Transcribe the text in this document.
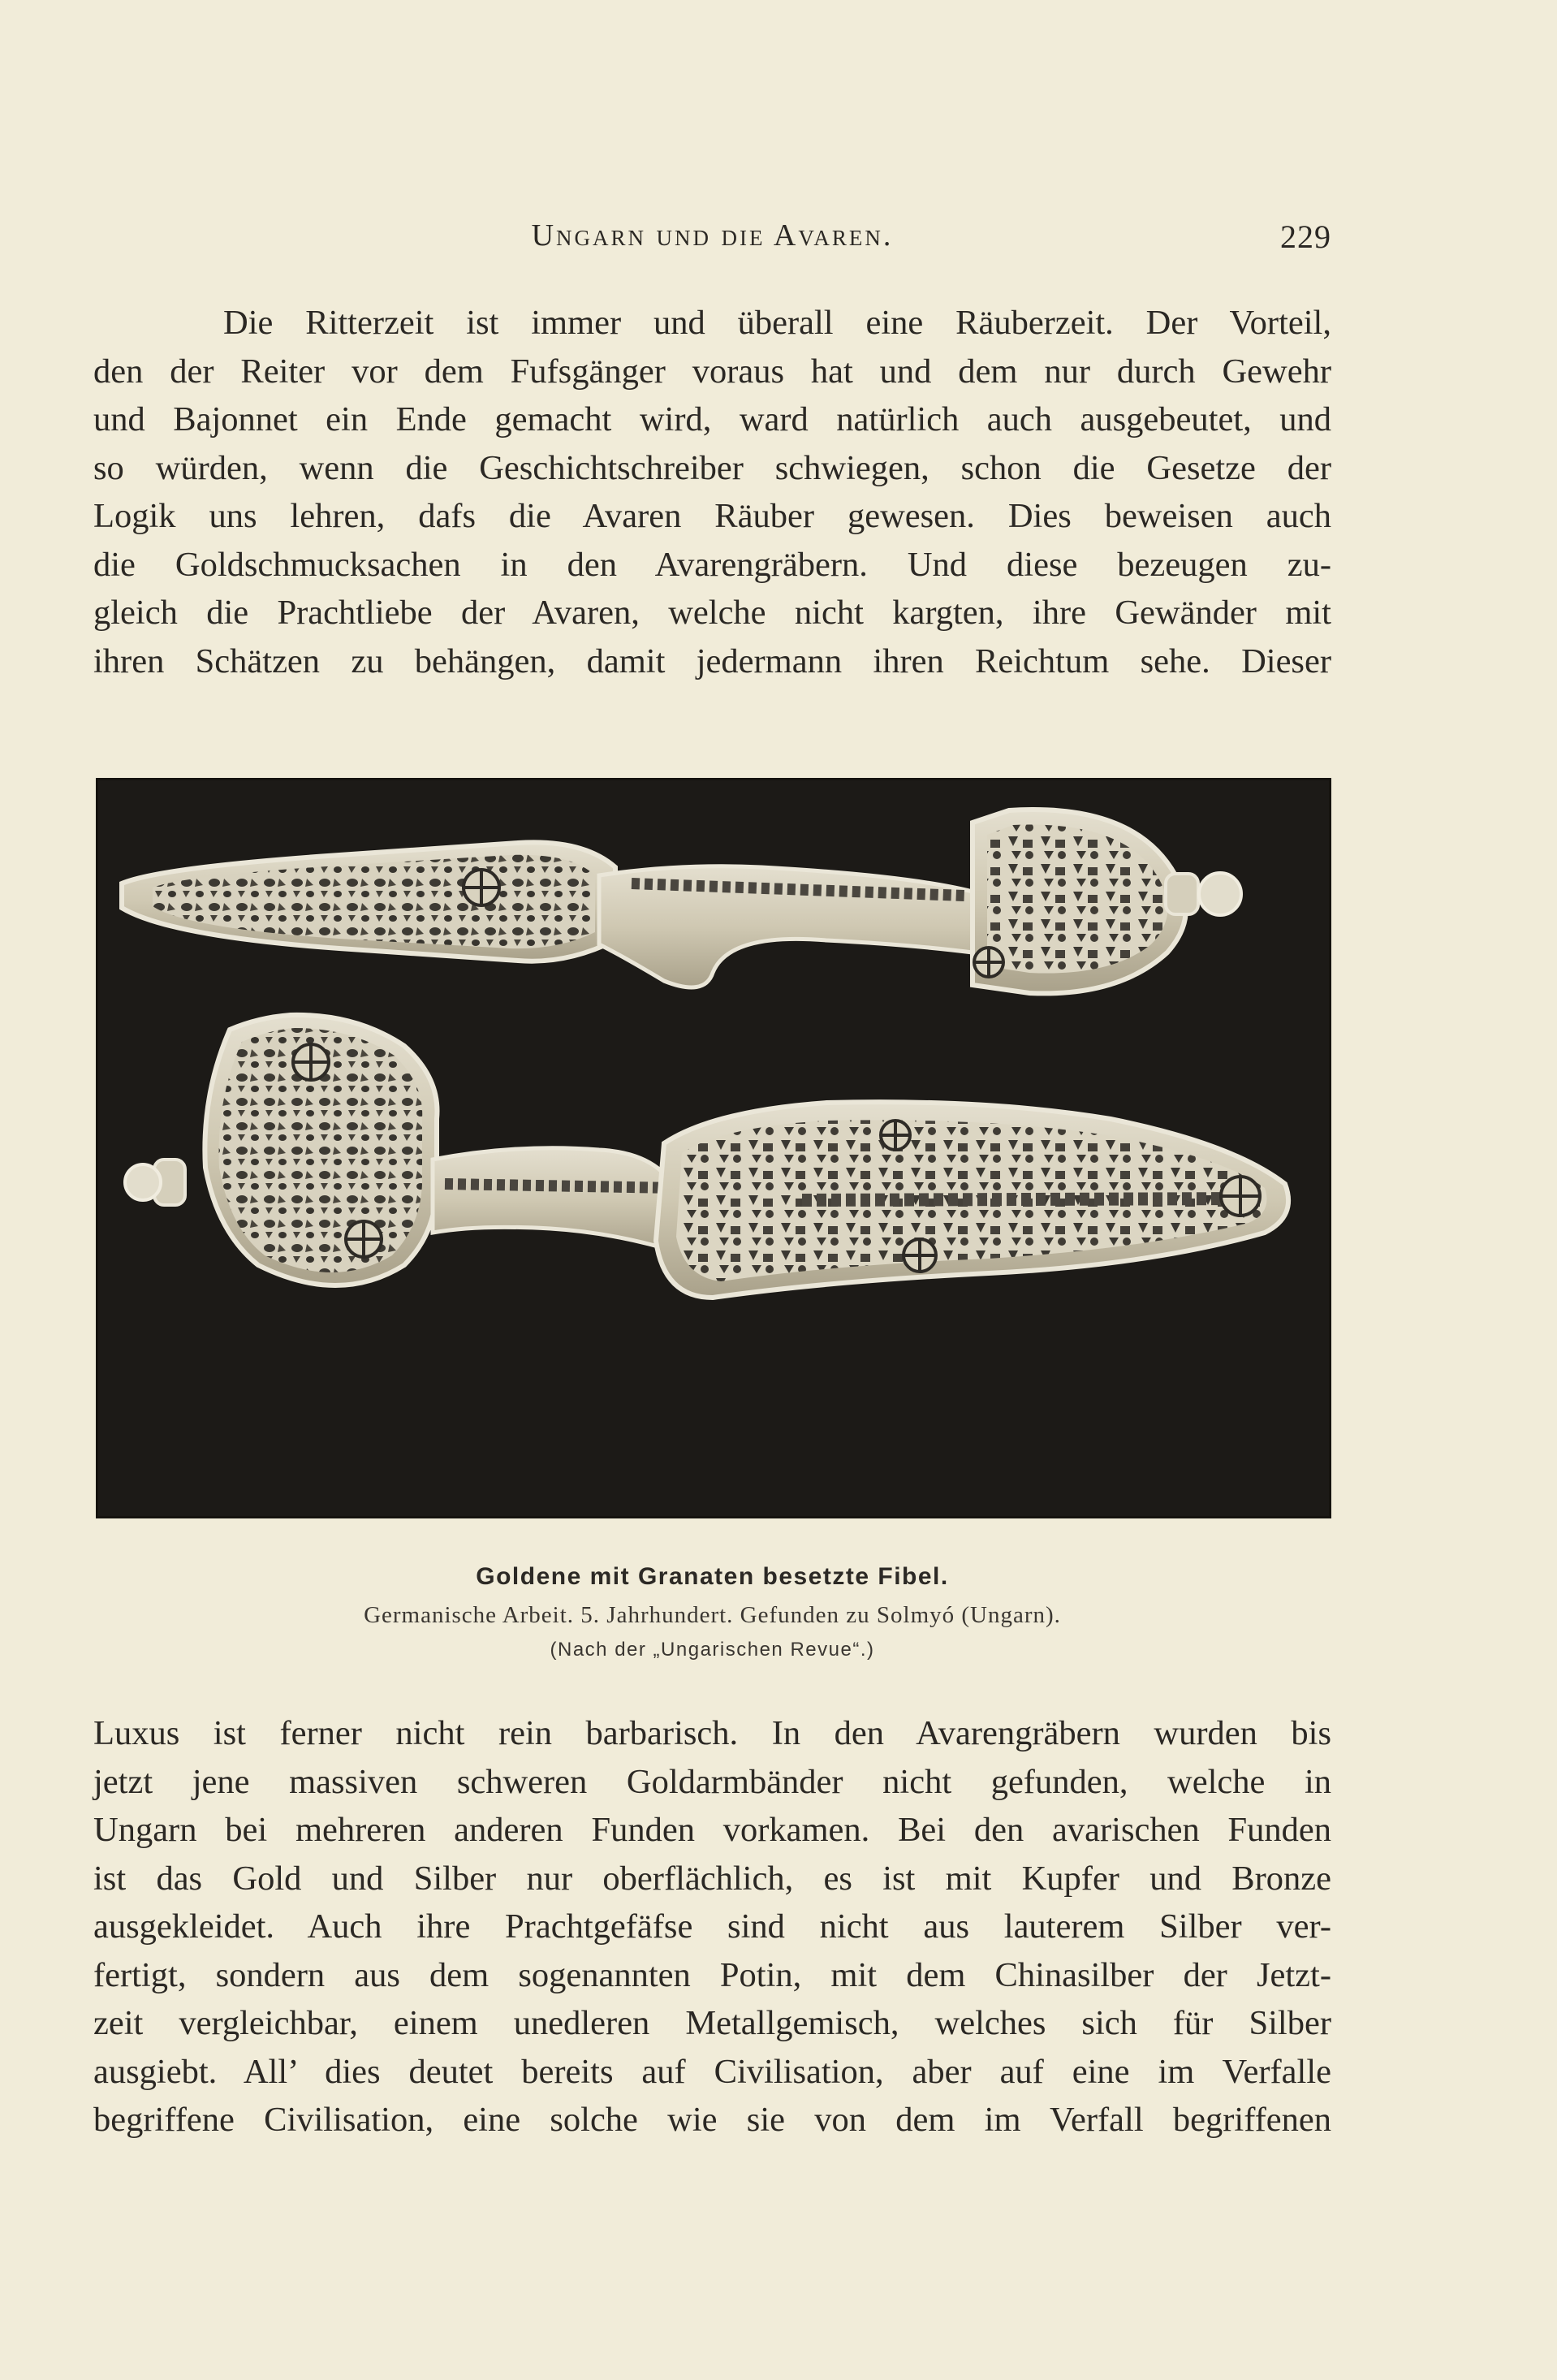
Ungarn und die Avaren.	229
Die Ritterzeit ist immer und überall eine Räuberzeit. Der Vorteil,
den der Reiter vor dem Fufsgänger voraus hat und dem nur durch Gewehr
und Bajonnet ein Ende gemacht wird, ward natürlich auch ausgebeutet, und
so würden, wenn die Geschichtschreiber schwiegen, schon die Gesetze der
Logik uns lehren, dafs die Avaren Räuber gewesen. Dies beweisen auch
die Goldschmucksachen in den Avarengräbern. Und diese bezeugen zu-
gleich die Prachtliebe der Avaren, welche nicht kargten, ihre Gewänder mit
ihren Schätzen zu behängen, damit jedermann ihren Reichtum sehe. Dieser
Goldene mit Granaten besetzte Fibel.
Germanische Arbeit. 5. Jahrhundert. Gefunden zu Solmyó (Ungarn).
(Nach der „Ungarischen Revue“.)
Luxus ist ferner nicht rein barbarisch. In den Avarengräbern wurden bis
jetzt jene massiven schweren Goldarmbänder nicht gefunden, welche in
Ungarn bei mehreren anderen Funden vorkamen. Bei den avarischen Funden
ist das Gold und Silber nur oberflächlich, es ist mit Kupfer und Bronze
ausgekleidet. Auch ihre Prachtgefäfse sind nicht aus lauterem Silber ver-
fertigt, sondern aus dem sogenannten Potin, mit dem Chinasilber der Jetzt-
zeit vergleichbar, einem unedleren Metallgemisch, welches sich für Silber
ausgiebt. All’ dies deutet bereits auf Civilisation, aber auf eine im Verfalle
begriffene Civilisation, eine solche wie sie von dem im Verfall begriffenen
